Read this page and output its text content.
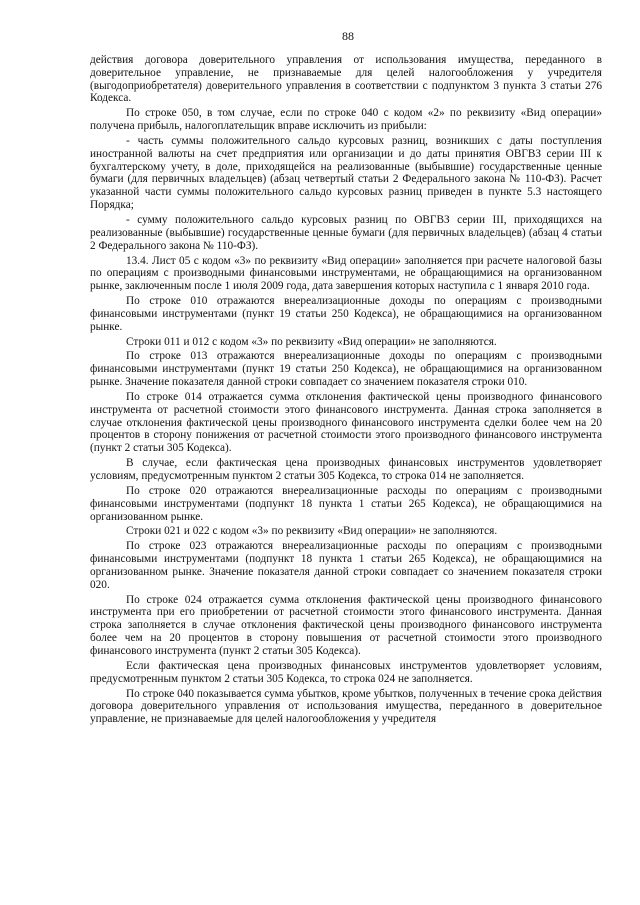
88

действия договора доверительного управления от использования имущества, переданного в доверительное управление, не признаваемые для целей налогообложения у учредителя (выгодоприобретателя) доверительного управления в соответствии с подпунктом 3 пункта 3 статьи 276 Кодекса.

По строке 050, в том случае, если по строке 040 с кодом «2» по реквизиту «Вид операции» получена прибыль, налогоплательщик вправе исключить из прибыли:

- часть суммы положительного сальдо курсовых разниц, возникших с даты поступления иностранной валюты на счет предприятия или организации и до даты принятия ОВГВЗ серии III к бухгалтерскому учету, в доле, приходящейся на реализованные (выбывшие) государственные ценные бумаги (для первичных владельцев) (абзац четвертый статьи 2 Федерального закона № 110-ФЗ). Расчет указанной части суммы положительного сальдо курсовых разниц приведен в пункте 5.3 настоящего Порядка;

- сумму положительного сальдо курсовых разниц по ОВГВЗ серии III, приходящихся на реализованные (выбывшие) государственные ценные бумаги (для первичных владельцев) (абзац 4 статьи 2 Федерального закона № 110-ФЗ).

13.4. Лист 05 с кодом «3» по реквизиту «Вид операции» заполняется при расчете налоговой базы по операциям с производными финансовыми инструментами, не обращающимися на организованном рынке, заключенным после 1 июля 2009 года, дата завершения которых наступила с 1 января 2010 года.

По строке 010 отражаются внереализационные доходы по операциям с производными финансовыми инструментами (пункт 19 статьи 250 Кодекса), не обращающимися на организованном рынке.

Строки 011 и 012 с кодом «3» по реквизиту «Вид операции» не заполняются.

По строке 013 отражаются внереализационные доходы по операциям с производными финансовыми инструментами (пункт 19 статьи 250 Кодекса), не обращающимися на организованном рынке. Значение показателя данной строки совпадает со значением показателя строки 010.

По строке 014 отражается сумма отклонения фактической цены производного финансового инструмента от расчетной стоимости этого финансового инструмента. Данная строка заполняется в случае отклонения фактической цены производного финансового инструмента сделки более чем на 20 процентов в сторону понижения от расчетной стоимости этого производного финансового инструмента (пункт 2 статьи 305 Кодекса).

В случае, если фактическая цена производных финансовых инструментов удовлетворяет условиям, предусмотренным пунктом 2 статьи 305 Кодекса, то строка 014 не заполняется.

По строке 020 отражаются внереализационные расходы по операциям с производными финансовыми инструментами (подпункт 18 пункта 1 статьи 265 Кодекса), не обращающимися на организованном рынке.

Строки 021 и 022 с кодом «3» по реквизиту «Вид операции» не заполняются.

По строке 023 отражаются внереализационные расходы по операциям с производными финансовыми инструментами (подпункт 18 пункта 1 статьи 265 Кодекса), не обращающимися на организованном рынке. Значение показателя данной строки совпадает со значением показателя строки 020.

По строке 024 отражается сумма отклонения фактической цены производного финансового инструмента при его приобретении от расчетной стоимости этого финансового инструмента. Данная строка заполняется в случае отклонения фактической цены производного финансового инструмента более чем на 20 процентов в сторону повышения от расчетной стоимости этого производного финансового инструмента (пункт 2 статьи 305 Кодекса).

Если фактическая цена производных финансовых инструментов удовлетворяет условиям, предусмотренным пунктом 2 статьи 305 Кодекса, то строка 024 не заполняется.

По строке 040 показывается сумма убытков, кроме убытков, полученных в течение срока действия договора доверительного управления от использования имущества, переданного в доверительное управление, не признаваемые для целей налогообложения у учредителя
